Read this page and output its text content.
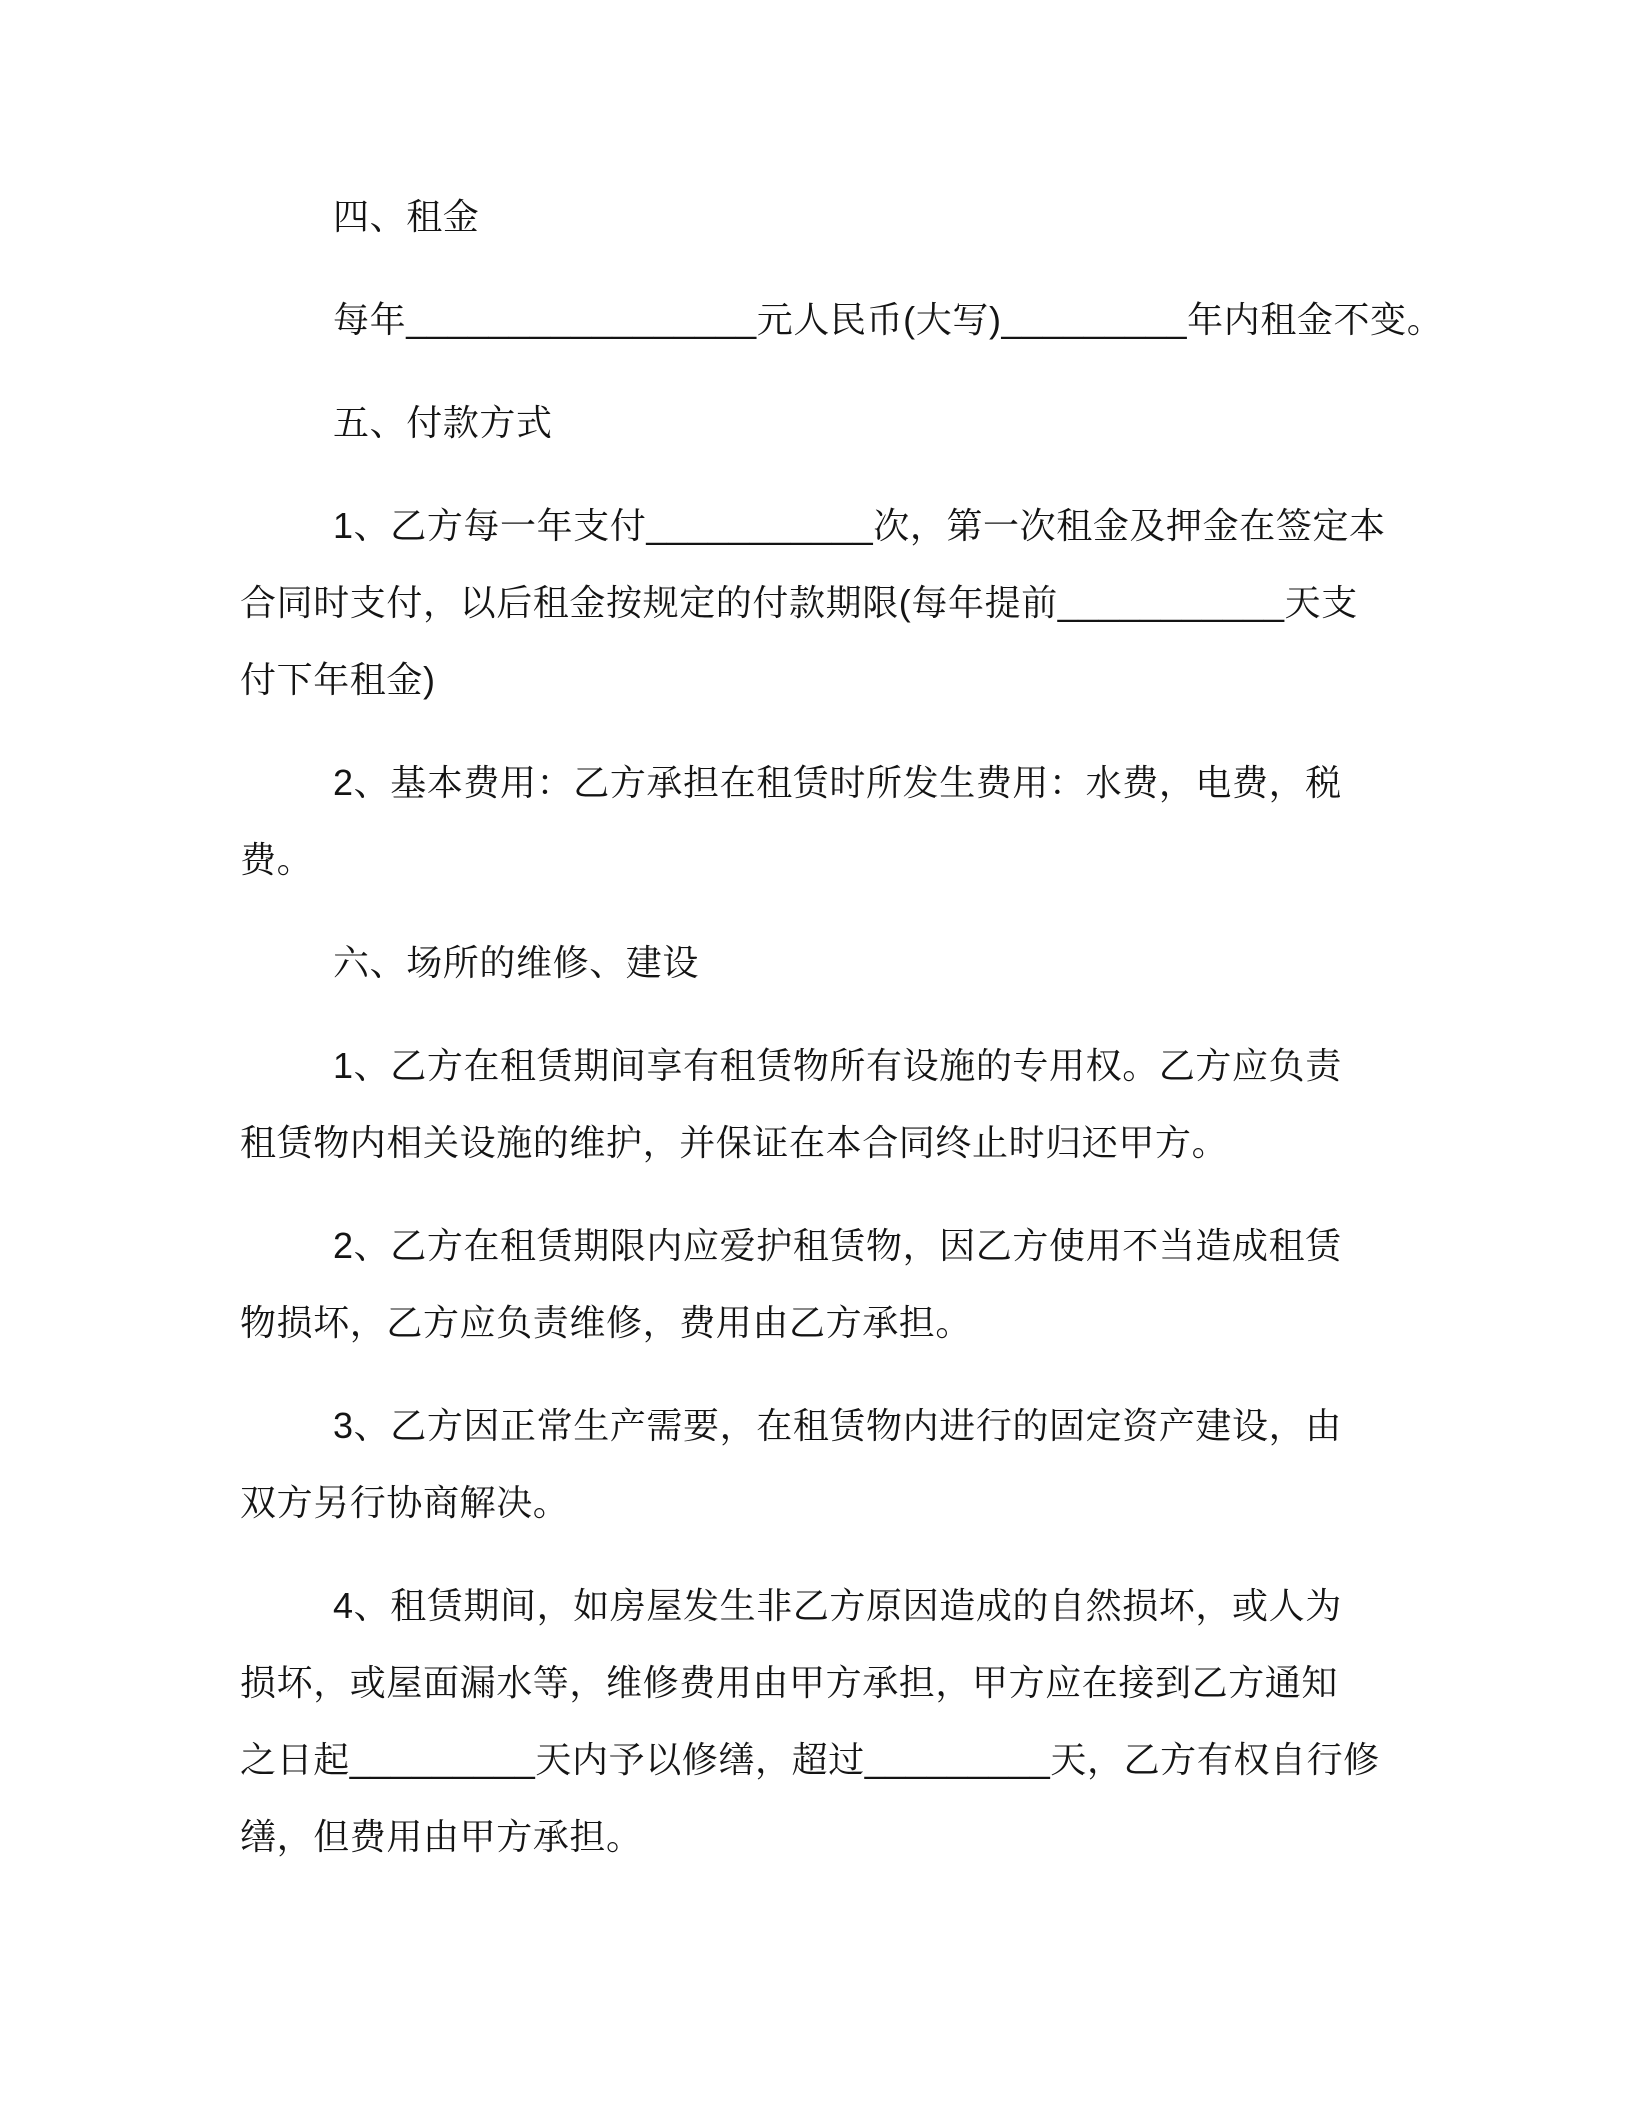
四、租金
每年_________________元人民币(大写)_________年内租金不变。
五、付款方式
1、乙方每一年支付___________次，第一次租金及押金在签定本
合同时支付，以后租金按规定的付款期限(每年提前___________天支
付下年租金)
2、基本费用：乙方承担在租赁时所发生费用：水费，电费，税
费。
六、场所的维修、建设
1、乙方在租赁期间享有租赁物所有设施的专用权。乙方应负责
租赁物内相关设施的维护，并保证在本合同终止时归还甲方。
2、乙方在租赁期限内应爱护租赁物，因乙方使用不当造成租赁
物损坏，乙方应负责维修，费用由乙方承担。
3、乙方因正常生产需要，在租赁物内进行的固定资产建设，由
双方另行协商解决。
4、租赁期间，如房屋发生非乙方原因造成的自然损坏，或人为
损坏，或屋面漏水等，维修费用由甲方承担，甲方应在接到乙方通知
之日起_________天内予以修缮，超过_________天，乙方有权自行修
缮，但费用由甲方承担。
